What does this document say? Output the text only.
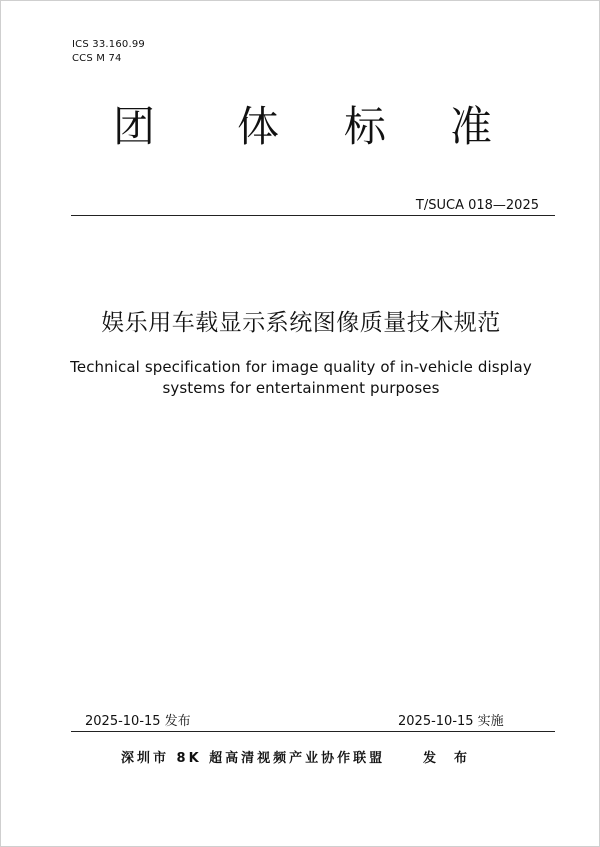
ICS 33.160.99
CCS M 74
团 体 标 准
T/SUCA 018—2025
娱乐用车载显示系统图像质量技术规范
Technical specification for image quality of in-vehicle display
systems for entertainment purposes
2025-10-15 发布	2025-10-15 实施
深圳市 8K 超高清视频产业协作联盟	发布
